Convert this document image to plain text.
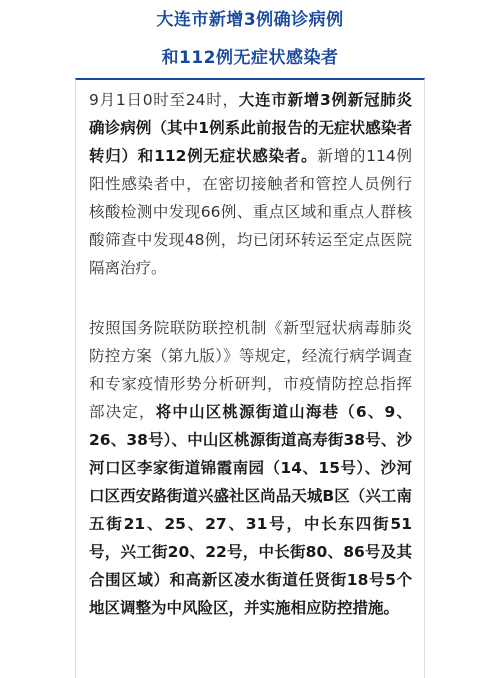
大连市新增3例确诊病例
和112例无症状感染者

9月1日0时至24时，大连市新增3例新冠肺炎确诊病例（其中1例系此前报告的无症状感染者转归）和112例无症状感染者。新增的114例阳性感染者中，在密切接触者和管控人员例行核酸检测中发现66例、重点区域和重点人群核酸筛查中发现48例，均已闭环转运至定点医院隔离治疗。

按照国务院联防联控机制《新型冠状病毒肺炎防控方案（第九版）》等规定，经流行病学调查和专家疫情形势分析研判，市疫情防控总指挥部决定，将中山区桃源街道山海巷（6、9、26、38号）、中山区桃源街道高寿街38号、沙河口区李家街道锦霞南园（14、15号）、沙河口区西安路街道兴盛社区尚品天城B区（兴工南五街21、25、27、31号，中长东四街51号，兴工街20、22号，中长街80、86号及其合围区域）和高新区凌水街道任贤街18号5个地区调整为中风险区，并实施相应防控措施。
